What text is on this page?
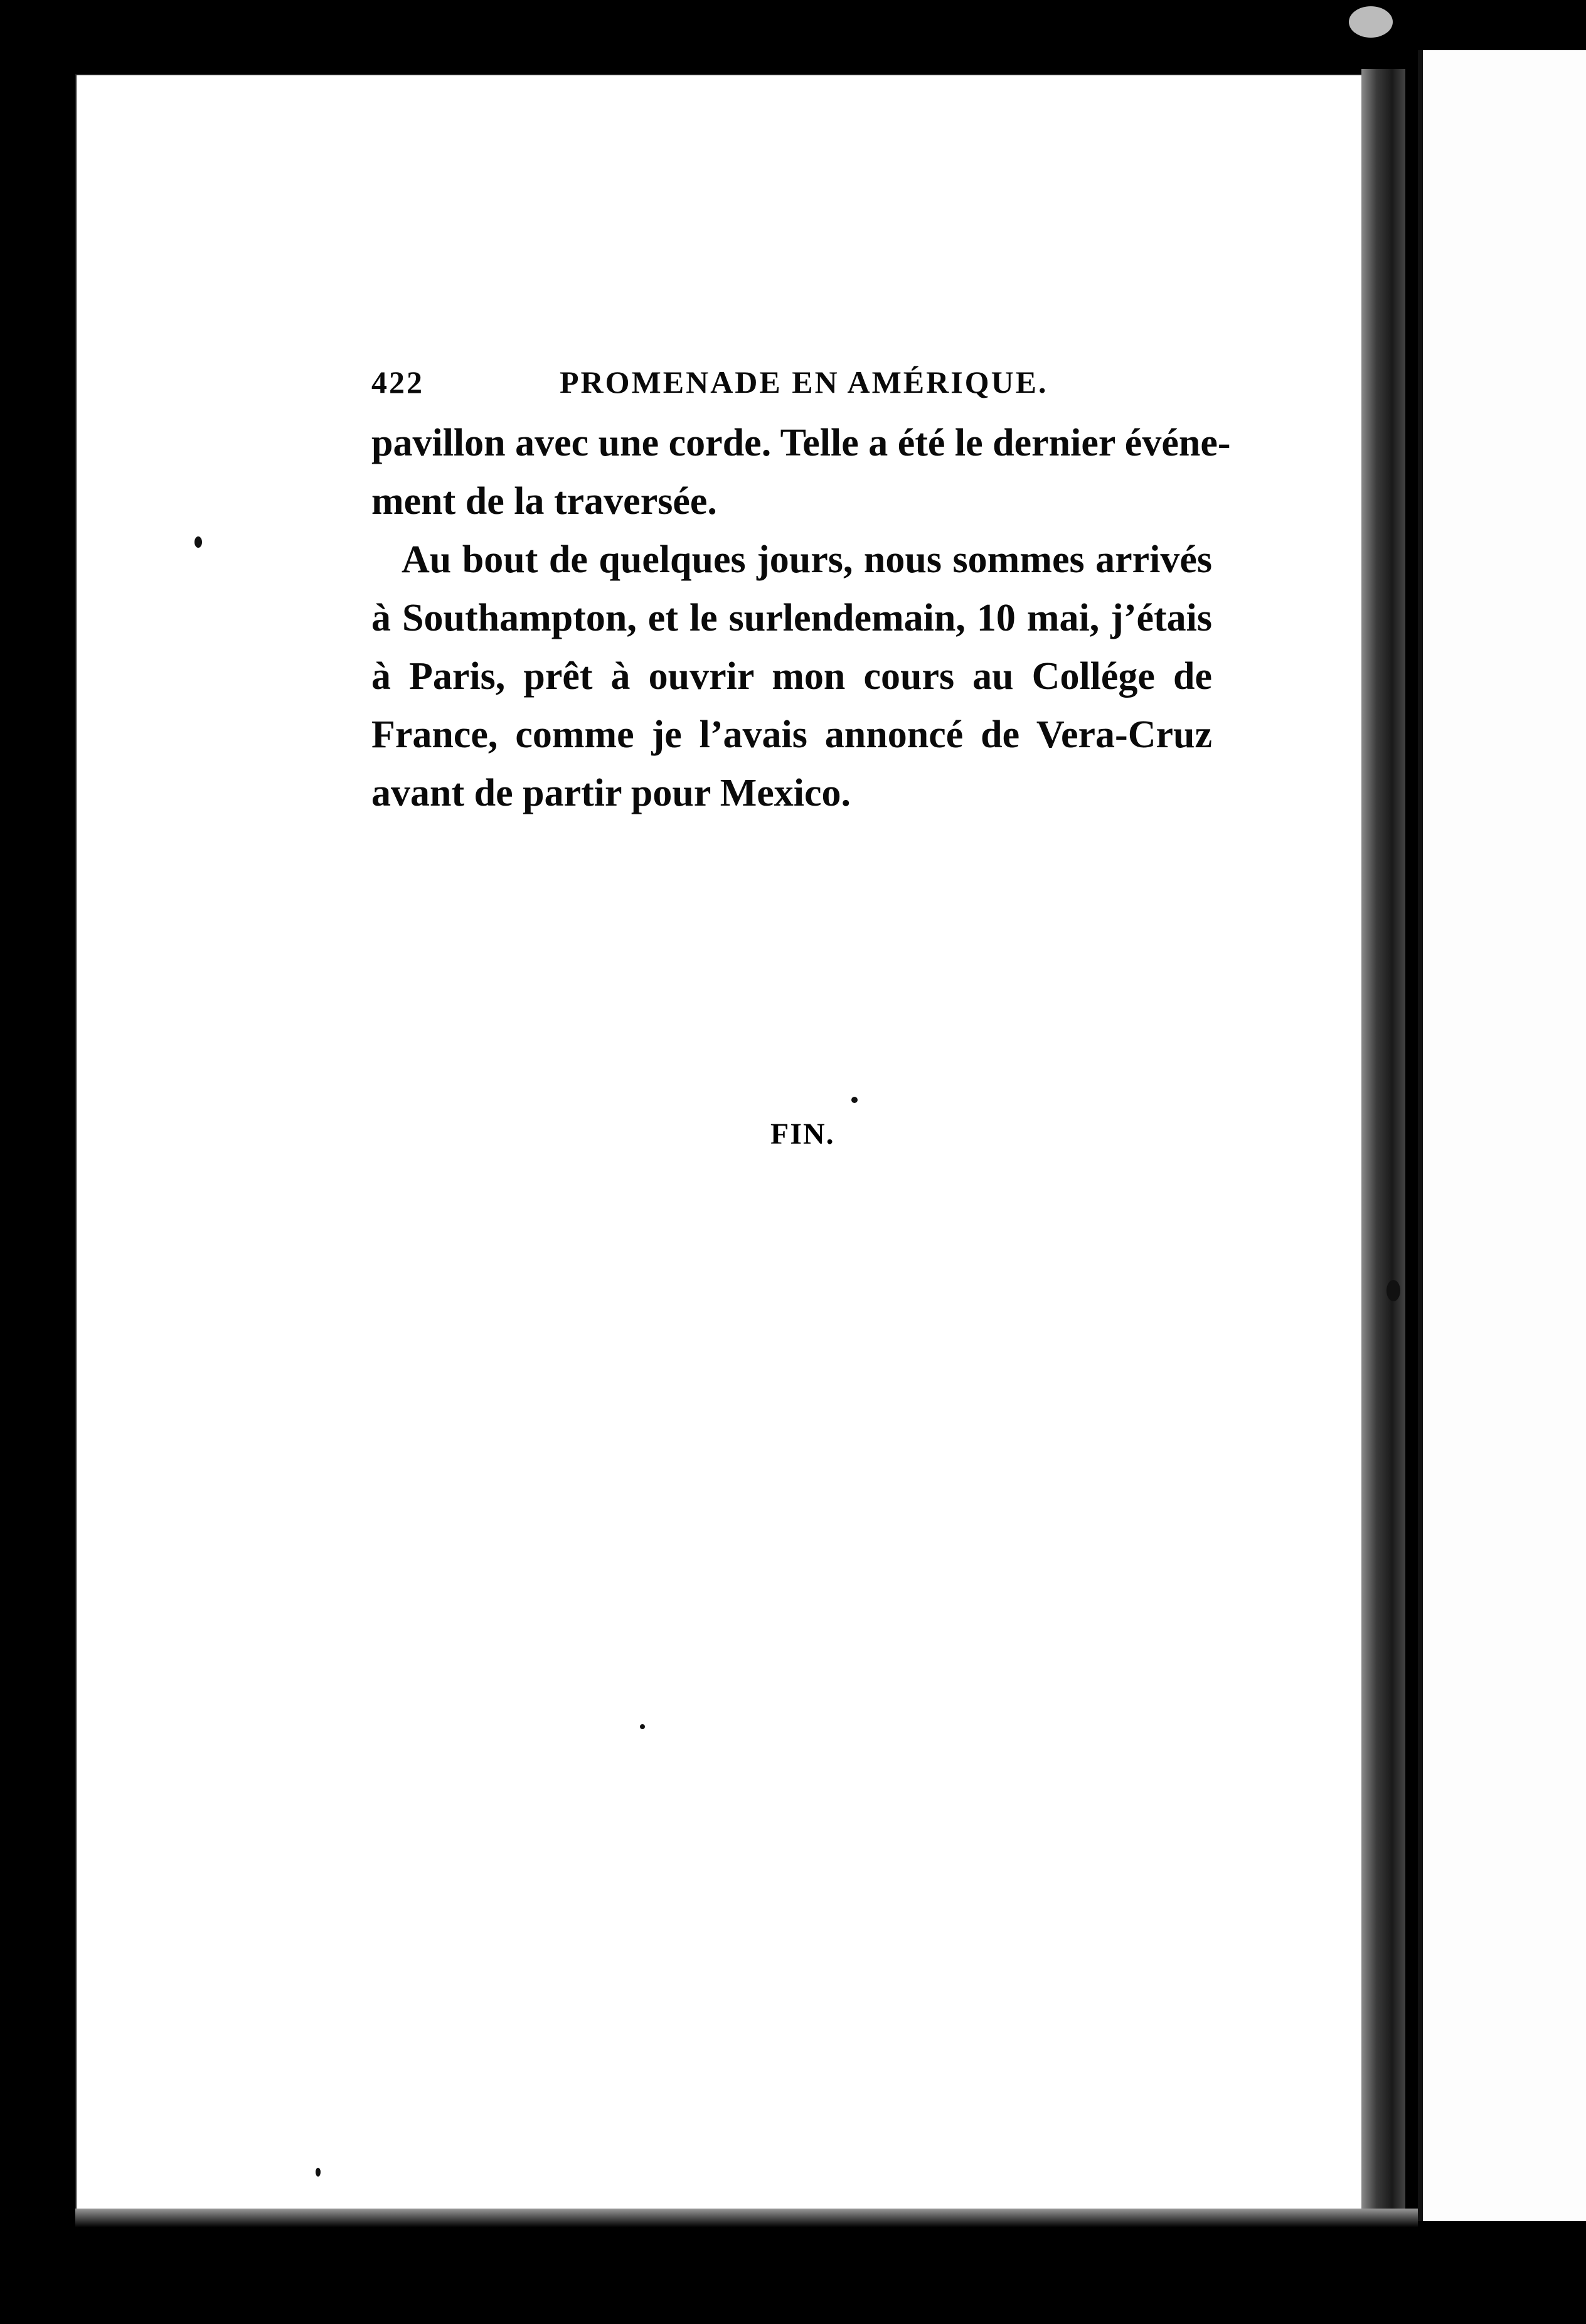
422	PROMENADE EN AMÉRIQUE.
pavillon avec une corde. Telle a été le dernier événe-
ment de la traversée.
Au bout de quelques jours, nous sommes arrivés
à Southampton, et le surlendemain, 10 mai, j’étais
à Paris, prêt à ouvrir mon cours au Collége de
France, comme je l’avais annoncé de Vera-Cruz
avant de partir pour Mexico.
FIN.
